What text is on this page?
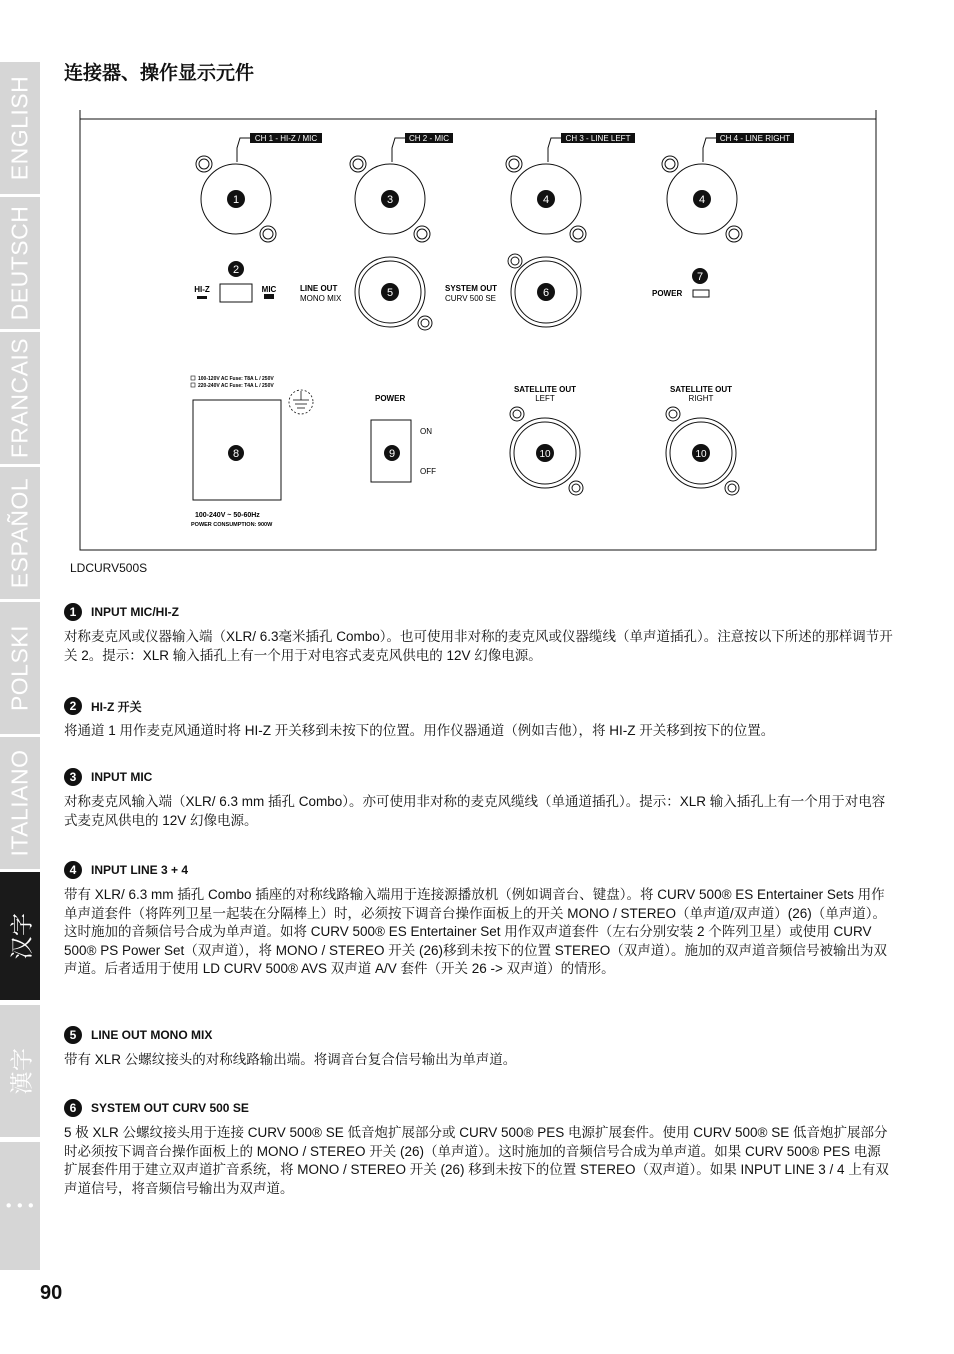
ENGLISH
DEUTSCH
FRANCAIS
ESPAÑOL
POLSKI
ITALIANO
汉字
漢字
• • •
连接器、操作显示元件
CH 1 - HI-Z / MIC	CH 2 - MIC	CH 3 - LINE LEFT	CH 4 - LINE RIGHT
1	3	4	4
2
HI-Z	MIC	LINE OUT
MONO MIX	5	SYSTEM OUT
CURV 500 SE	6
7
POWER
100-120V AC Fuse: T8A L / 250V
220-240V AC Fuse: T4A L / 250V
8
100-240V ~ 50-60Hz
POWER CONSUMPTION: 900W
POWER
9
ON
OFF
SATELLITE OUT
LEFT
10
SATELLITE OUT
RIGHT
10
LDCURV500S
1	INPUT MIC/HI-Z
对称麦克风或仪器输入端（XLR/ 6.3毫米插孔 Combo）。也可使用非对称的麦克风或仪器缆线（单声道插孔）。注意按以下所述的那样调节开关 2。提示：XLR 输入插孔上有一个用于对电容式麦克风供电的 12V 幻像电源。
2	HI-Z 开关
将通道 1 用作麦克风通道时将 HI-Z 开关移到未按下的位置。用作仪器通道（例如吉他），将 HI-Z 开关移到按下的位置。
3	INPUT MIC
对称麦克风输入端（XLR/ 6.3 mm 插孔 Combo）。亦可使用非对称的麦克风缆线（单通道插孔）。提示：XLR 输入插孔上有一个用于对电容式麦克风供电的 12V 幻像电源。
4	INPUT LINE 3 + 4
带有 XLR/ 6.3 mm 插孔 Combo 插座的对称线路输入端用于连接源播放机（例如调音台、键盘）。将 CURV 500® ES Entertainer Sets 用作单声道套件（将阵列卫星一起装在分隔棒上）时，必须按下调音台操作面板上的开关 MONO / STEREO（单声道/双声道）(26)（单声道）。这时施加的音频信号合成为单声道。如将 CURV 500® ES Entertainer Set 用作双声道套件（左右分别安装 2 个阵列卫星）或使用 CURV 500® PS Power Set（双声道），将 MONO / STEREO 开关 (26)移到未按下的位置 STEREO（双声道）。施加的双声道音频信号被输出为双声道。后者适用于使用 LD CURV 500® AVS 双声道 A/V 套件（开关 26 -> 双声道）的情形。
5	LINE OUT MONO MIX
带有 XLR 公螺纹接头的对称线路输出端。将调音台复合信号输出为单声道。
6	SYSTEM OUT CURV 500 SE
5 极 XLR 公螺纹接头用于连接 CURV 500® SE 低音炮扩展部分或 CURV 500® PES 电源扩展套件。使用 CURV 500® SE 低音炮扩展部分时必须按下调音台操作面板上的 MONO / STEREO 开关 (26)（单声道）。这时施加的音频信号合成为单声道。如果 CURV 500® PES 电源扩展套件用于建立双声道扩音系统，将 MONO / STEREO 开关 (26) 移到未按下的位置 STEREO（双声道）。如果 INPUT LINE 3 / 4 上有双声道信号，将音频信号输出为双声道。
90
